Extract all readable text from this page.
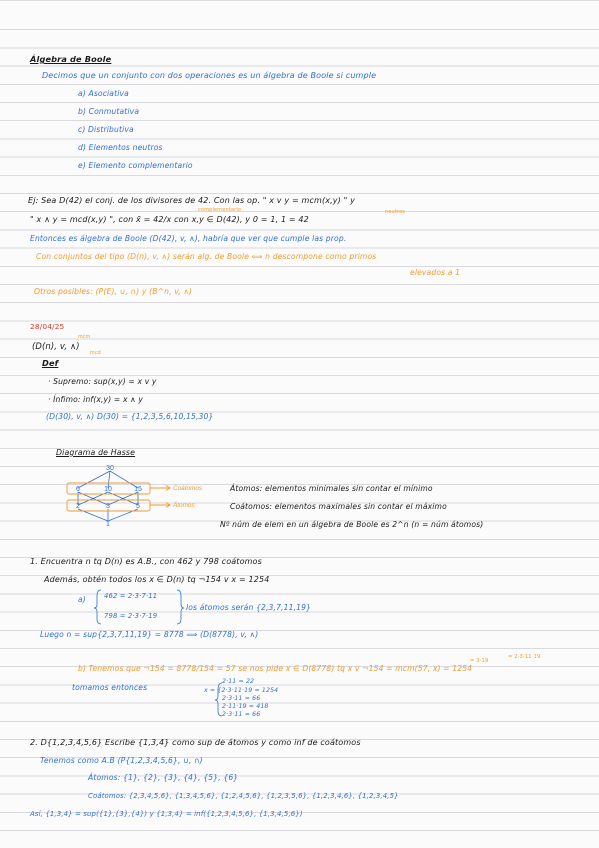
Álgebra de Boole
Decimos que un conjunto con dos operaciones es un álgebra de Boole si cumple
a) Asociativa
b) Conmutativa
c) Distributiva
d) Elementos neutros
e) Elemento complementario
Ej: Sea D(42) el conj. de los divisores de 42. Con las op. " x v y = mcm(x,y) " y
complementario	neutros
" x ∧ y = mcd(x,y) ", con x̄ = 42/x con x,y ∈ D(42), y 0 = 1, 1 = 42
Entonces es álgebra de Boole (D(42), v, ∧), habría que ver que cumple las prop.
Con conjuntos del tipo (D(n), v, ∧) serán alg. de Boole ⟺ n descompone como primos
elevados a 1
Otros posibles: (P(E), ∪, ∩) y (B^n, v, ∧)
28/04/25
mcm
(D(n), v, ∧)
mcd
Def
· Supremo: sup(x,y) = x v y
· Ínfimo: inf(x,y) = x ∧ y
(D(30), v, ∧) D(30) = {1,2,3,5,6,10,15,30}
Diagrama de Hasse
30
6	10	15
2	3	5
1
Coátomos
Átomos
Átomos: elementos minimales sin contar el mínimo
Coátomos: elementos maximales sin contar el máximo
Nº núm de elem en un álgebra de Boole es 2^n (n = núm átomos)
1. Encuentra n tq D(n) es A.B., con 462 y 798 coátomos
Además, obtén todos los x ∈ D(n) tq ¬154 v x = 1254
a)	462 = 2·3·7·11
798 = 2·3·7·19
los átomos serán {2,3,7,11,19}
Luego n = sup{2,3,7,11,19} = 8778 ⟹ (D(8778), v, ∧)
b) Tenemos que ¬154 = 8778/154 = 57 se nos pide x ∈ D(8778) tq x v ¬154 = mcm(57, x) = 1254
= 2·3·11·19
= 3·19
tomamos entonces
2·11 = 22
x = {2·3·11·19 = 1254
2·3·11 = 66
2·11·19 = 418
2·3·11 = 66
2. D{1,2,3,4,5,6} Escribe {1,3,4} como sup de átomos y como inf de coátomos
Tenemos como A.B (P{1,2,3,4,5,6}, ∪, ∩)
Átomos: {1}, {2}, {3}, {4}, {5}, {6}
Coátomos: {2,3,4,5,6}, {1,3,4,5,6}, {1,2,4,5,6}, {1,2,3,5,6}, {1,2,3,4,6}, {1,2,3,4,5}
Así, {1,3,4} = sup({1},{3},{4}) y {1,3,4} = inf({1,2,3,4,5,6}, {1,3,4,5,6})
